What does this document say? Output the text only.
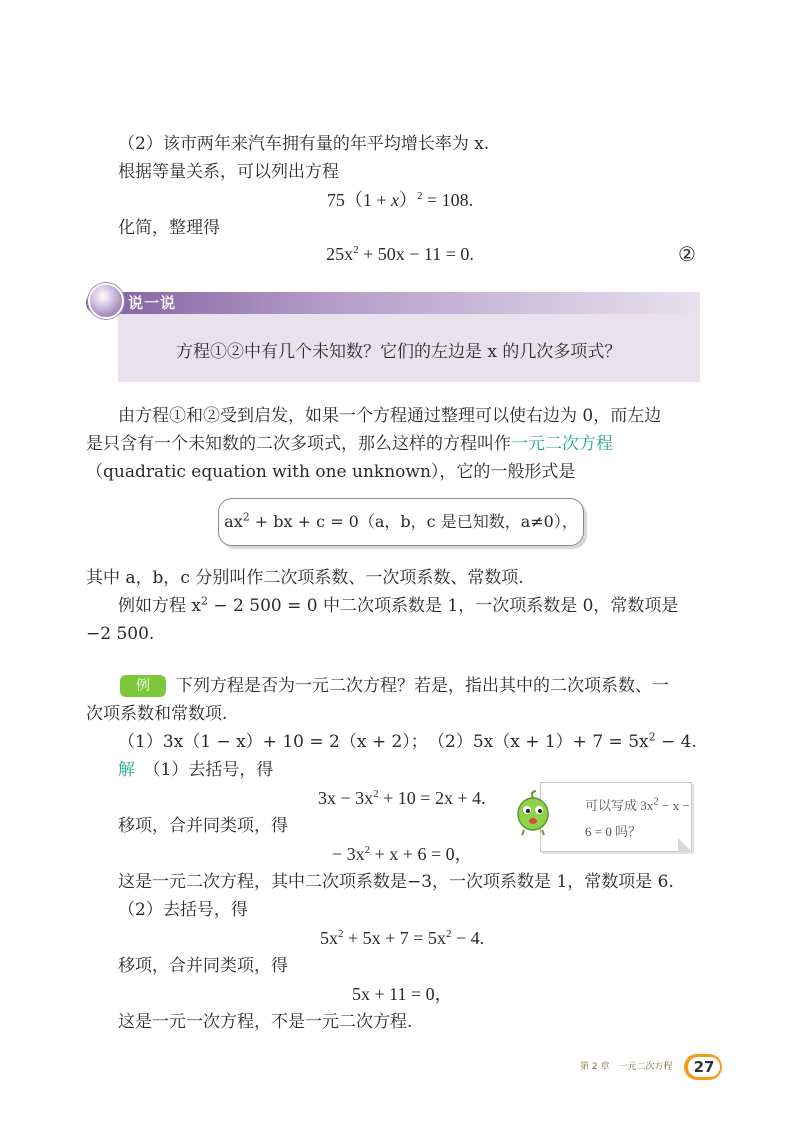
（2）该市两年来汽车拥有量的年平均增长率为 x.
根据等量关系，可以列出方程
$75(1 + x)^2 = 108$.
化简，整理得
$25x^2 + 50x - 11 = 0$.	②
说一说
方程①②中有几个未知数？它们的左边是 x 的几次多项式？
由方程①和②受到启发，如果一个方程通过整理可以使右边为 0，而左边
是只含有一个未知数的二次多项式，那么这样的方程叫作一元二次方程
（quadratic equation with one unknown），它的一般形式是
$ax^2$ + bx + c = 0（a，b，c 是已知数，a≠0），
其中 a，b，c 分别叫作二次项系数、一次项系数、常数项.
例如方程 $x^2 - 2$ 500 = 0 中二次项系数是 1，一次项系数是 0，常数项是
−2 500.
例	下列方程是否为一元二次方程？若是，指出其中的二次项系数、一
次项系数和常数项.
（1）3x（1 − x）+ 10 = 2（x + 2）； $(2)5x(x + 1)+ 7 = 5x^2 - 4$.
解　 （1）去括号，得
$3x - 3x^2 + 10 = 2x + 4$.
移项，合并同类项，得
− $3x^2 + x + 6 = 0$，
这是一元二次方程，其中二次项系数是−3，一次项系数是 1，常数项是 6.
（2）去括号，得
$5x^2 + 5x + 7 = 5x^2 - 4$.
移项，合并同类项，得
5x + 11 = 0，
这是一元一次方程，不是一元二次方程.
可以写成 $3x^2 - x$ −
6 = 0 吗？
第 2 章　一元二次方程	27
